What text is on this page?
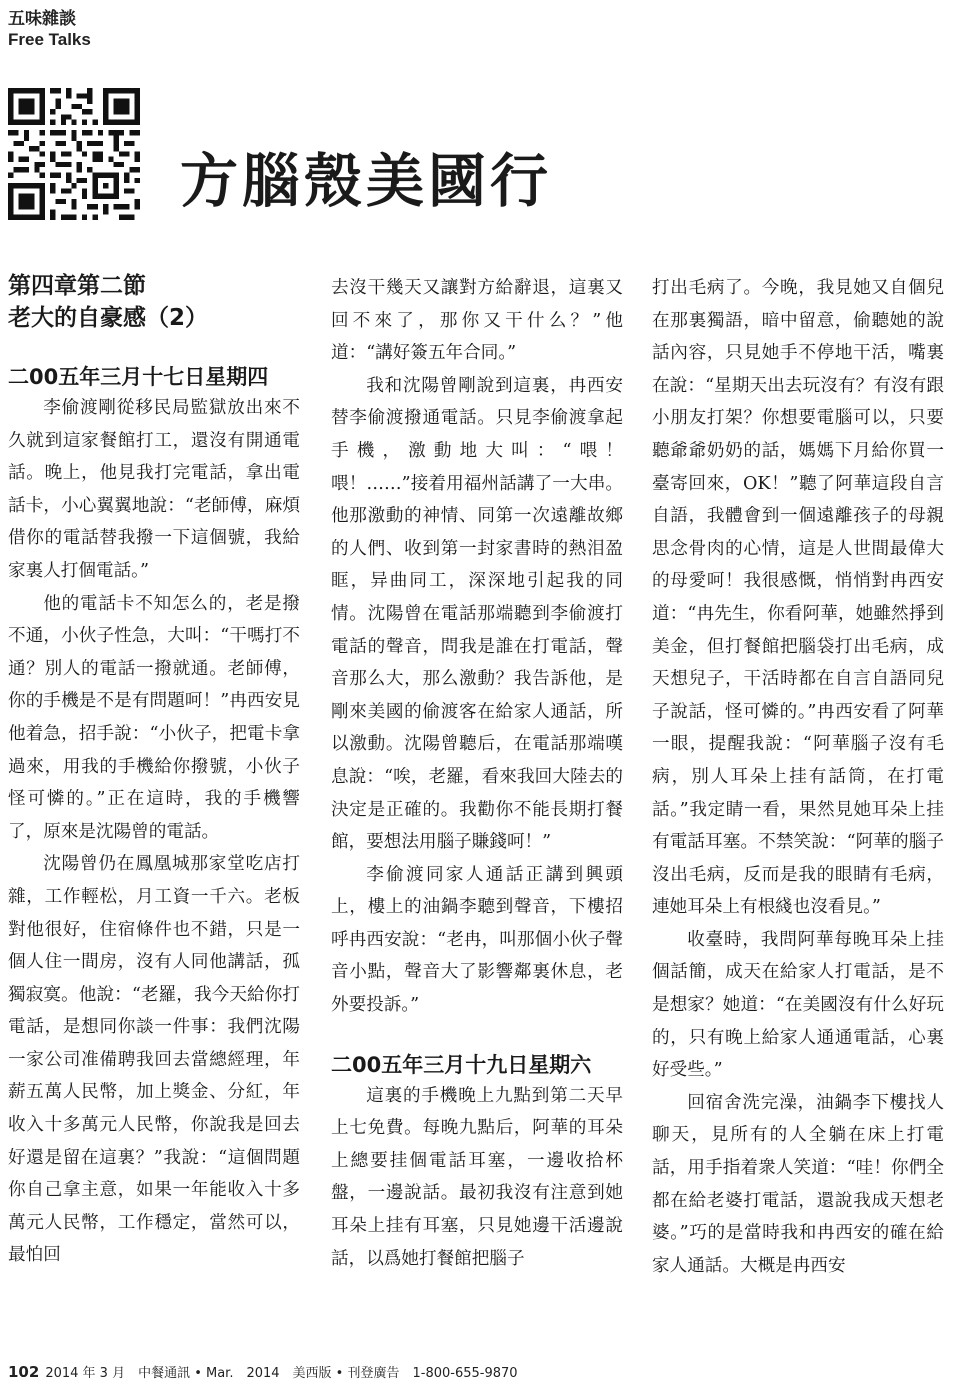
五味雜談
Free Talks
方腦殼美國行
第四章第二節
老大的自豪感（2）
二00五年三月十七日星期四

李偷渡剛從移民局監獄放出來不久就到這家餐館打工，還沒有開通電話。晚上，他見我打完電話，拿出電話卡，小心翼翼地說：“老師傅，麻煩借你的電話替我撥一下這個號，我給家裏人打個電話。”

他的電話卡不知怎么的，老是撥不通，小伙子性急，大叫：“干嗎打不通？別人的電話一撥就通。老師傅，你的手機是不是有問題呵！”冉西安見他着急，招手說：“小伙子，把電卡拿過來，用我的手機給你撥號，小伙子怪可憐的。”正在這時，我的手機響了，原來是沈陽曾的電話。

沈陽曾仍在鳳凰城那家堂吃店打雜，工作輕松，月工資一千六。老板對他很好，住宿條件也不錯，只是一個人住一間房，沒有人同他講話，孤獨寂寞。他說：“老羅，我今天給你打電話，是想同你談一件事：我們沈陽一家公司准備聘我回去當總經理，年薪五萬人民幣，加上獎金、分紅，年收入十多萬元人民幣，你說我是回去好還是留在這裏？”我說：“這個問題你自己拿主意，如果一年能收入十多萬元人民幣，工作穩定，當然可以，最怕回

去沒干幾天又讓對方給辭退，這裏又回不來了，那你又干什么？”他道：“講好簽五年合同。”

我和沈陽曾剛說到這裏，冉西安替李偷渡撥通電話。只見李偷渡拿起手機，激動地大叫：“喂！喂！……”接着用福州話講了一大串。他那激動的神情、同第一次遠離故鄉的人們、收到第一封家書時的熱泪盈眶，异曲同工，深深地引起我的同情。沈陽曾在電話那端聽到李偷渡打電話的聲音，問我是誰在打電話，聲音那么大，那么激動？我告訴他，是剛來美國的偷渡客在給家人通話，所以激動。沈陽曾聽后，在電話那端嘆息說：“唉，老羅，看來我回大陸去的決定是正確的。我勸你不能長期打餐館，要想法用腦子賺錢呵！”

李偷渡同家人通話正講到興頭上，樓上的油鍋李聽到聲音，下樓招呼冉西安說：“老冉，叫那個小伙子聲音小點，聲音大了影響鄰裏休息，老外要投訴。”

二00五年三月十九日星期六

這裏的手機晚上九點到第二天早上七免費。每晚九點后，阿華的耳朵上總要挂個電話耳塞，一邊收拾杯盤，一邊說話。最初我沒有注意到她耳朵上挂有耳塞，只見她邊干活邊說話，以爲她打餐館把腦子

打出毛病了。今晚，我見她又自個兒在那裏獨語，暗中留意，偷聽她的說話內容，只見她手不停地干活，嘴裏在說：“星期天出去玩沒有？有沒有跟小朋友打架？你想要電腦可以，只要聽爺爺奶奶的話，媽媽下月給你買一臺寄回來，OK！”聽了阿華這段自言自語，我體會到一個遠離孩子的母親思念骨肉的心情，這是人世間最偉大的母愛呵！我很感慨，悄悄對冉西安道：“冉先生，你看阿華，她雖然掙到美金，但打餐館把腦袋打出毛病，成天想兒子，干活時都在自言自語同兒子說話，怪可憐的。”冉西安看了阿華一眼，提醒我說：“阿華腦子沒有毛病，別人耳朵上挂有話筒，在打電話。”我定睛一看，果然見她耳朵上挂有電話耳塞。不禁笑說：“阿華的腦子沒出毛病，反而是我的眼睛有毛病，連她耳朵上有根綫也沒看見。”

收臺時，我問阿華每晚耳朵上挂個話簡，成天在給家人打電話，是不是想家？她道：“在美國沒有什么好玩的，只有晚上給家人通通電話，心裏好受些。”

回宿舍洗完澡，油鍋李下樓找人聊天，見所有的人全躺在床上打電話，用手指着衆人笑道：“哇！你們全都在給老婆打電話，還說我成天想老婆。”巧的是當時我和冉西安的確在給家人通話。大概是冉西安

102 2014 年 3 月　中餐通訊 • Mar.　2014　美西版 • 刊登廣告　1-800-655-9870
